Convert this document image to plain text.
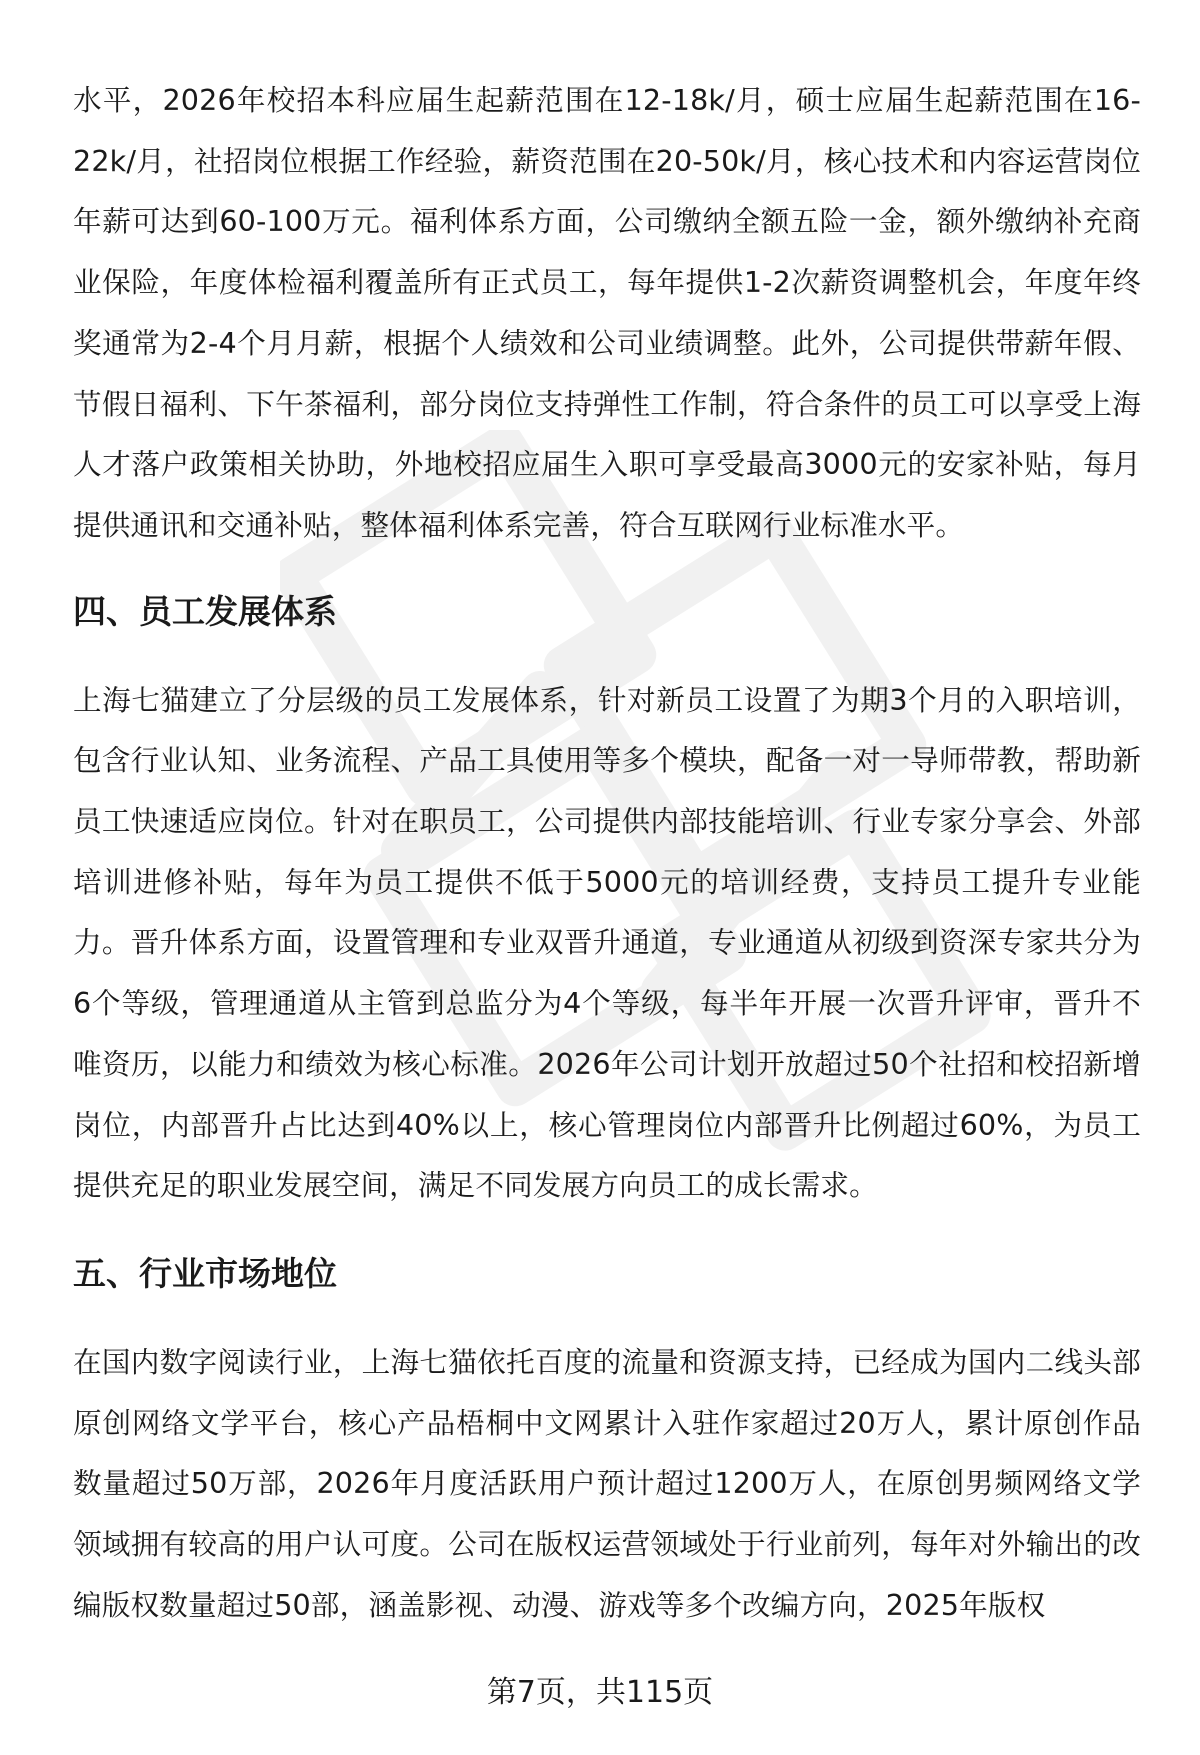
水平，2026年校招本科应届生起薪范围在12-18k/月，硕士应届生起薪范围在16-22k/月，社招岗位根据工作经验，薪资范围在20-50k/月，核心技术和内容运营岗位年薪可达到60-100万元。福利体系方面，公司缴纳全额五险一金，额外缴纳补充商业保险，年度体检福利覆盖所有正式员工，每年提供1-2次薪资调整机会，年度年终奖通常为2-4个月月薪，根据个人绩效和公司业绩调整。此外，公司提供带薪年假、节假日福利、下午茶福利，部分岗位支持弹性工作制，符合条件的员工可以享受上海人才落户政策相关协助，外地校招应届生入职可享受最高3000元的安家补贴，每月提供通讯和交通补贴，整体福利体系完善，符合互联网行业标准水平。

四、员工发展体系

上海七猫建立了分层级的员工发展体系，针对新员工设置了为期3个月的入职培训，包含行业认知、业务流程、产品工具使用等多个模块，配备一对一导师带教，帮助新员工快速适应岗位。针对在职员工，公司提供内部技能培训、行业专家分享会、外部培训进修补贴，每年为员工提供不低于5000元的培训经费，支持员工提升专业能力。晋升体系方面，设置管理和专业双晋升通道，专业通道从初级到资深专家共分为6个等级，管理通道从主管到总监分为4个等级，每半年开展一次晋升评审，晋升不唯资历，以能力和绩效为核心标准。2026年公司计划开放超过50个社招和校招新增岗位，内部晋升占比达到40%以上，核心管理岗位内部晋升比例超过60%，为员工提供充足的职业发展空间，满足不同发展方向员工的成长需求。

五、行业市场地位

在国内数字阅读行业，上海七猫依托百度的流量和资源支持，已经成为国内二线头部原创网络文学平台，核心产品梧桐中文网累计入驻作家超过20万人，累计原创作品数量超过50万部，2026年月度活跃用户预计超过1200万人，在原创男频网络文学领域拥有较高的用户认可度。公司在版权运营领域处于行业前列，每年对外输出的改编版权数量超过50部，涵盖影视、动漫、游戏等多个改编方向，2025年版权

第7页，共115页
